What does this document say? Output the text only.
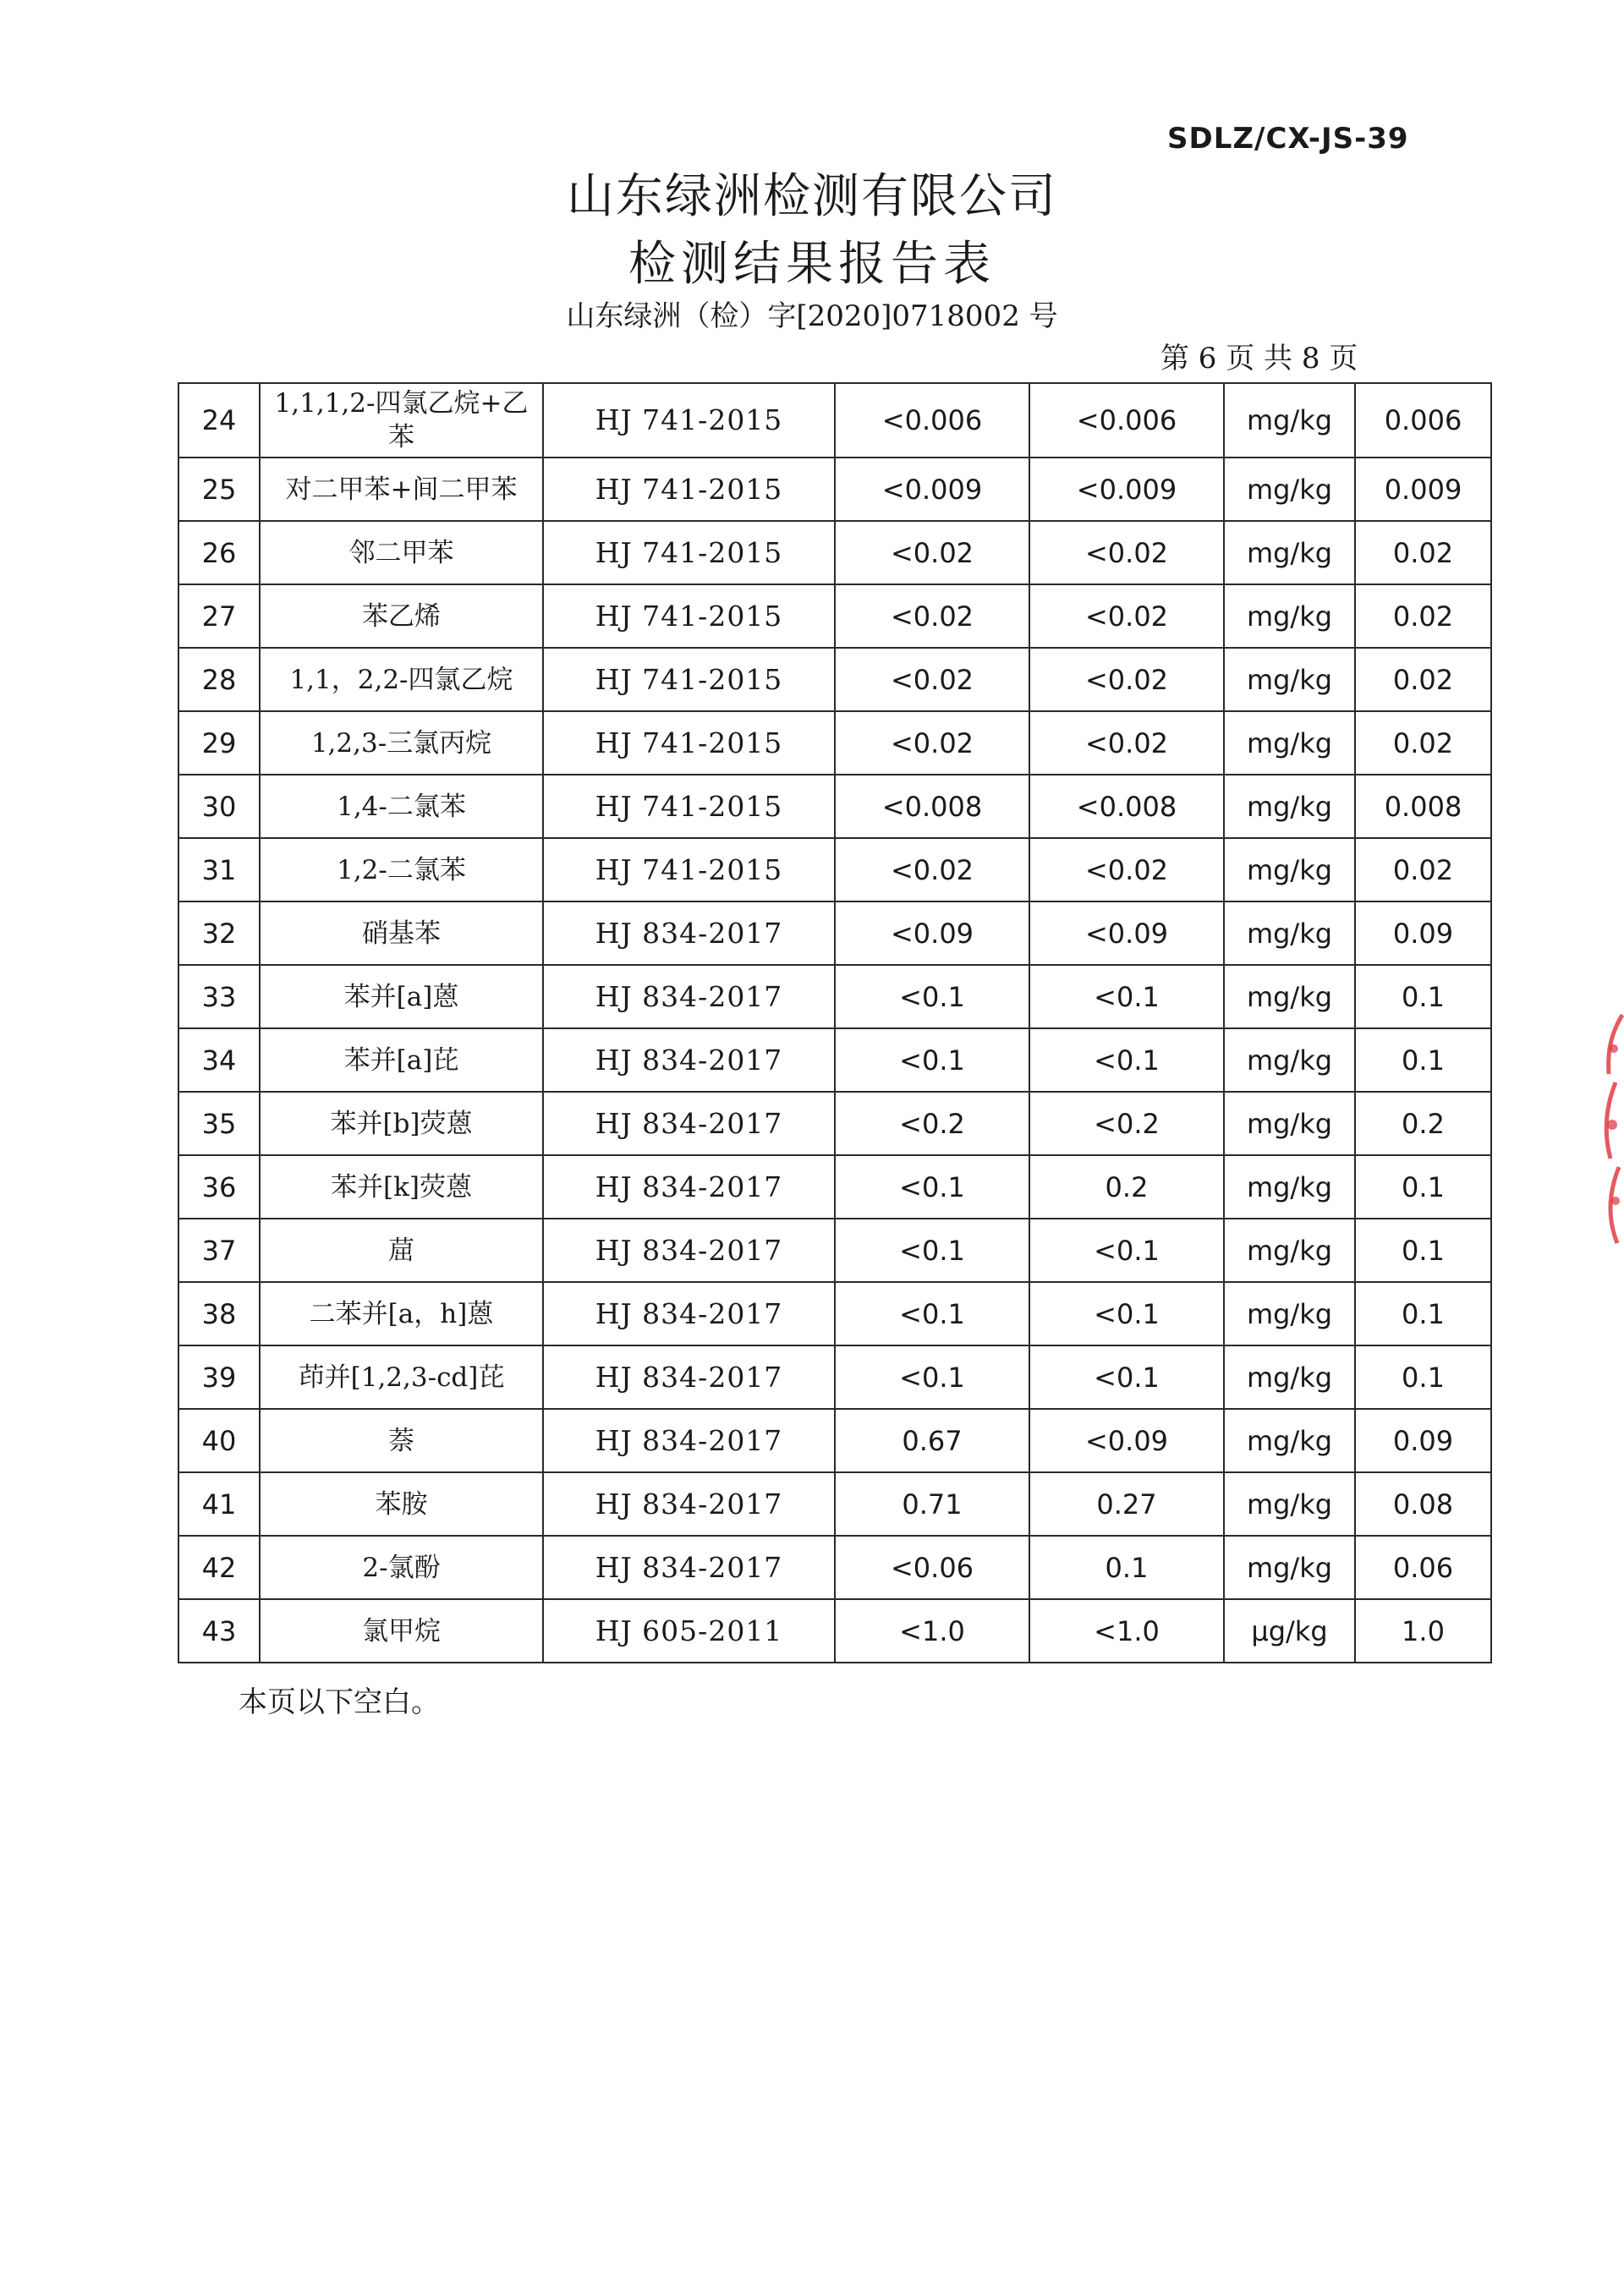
SDLZ/CX-JS-39
山东绿洲检测有限公司
检测结果报告表
山东绿洲（检）字[2020]0718002 号
第 6 页 共 8 页
24	1,1,1,2-四氯乙烷+乙苯	HJ 741-2015	<0.006	<0.006	mg/kg	0.006
25	对二甲苯+间二甲苯	HJ 741-2015	<0.009	<0.009	mg/kg	0.009
26	邻二甲苯	HJ 741-2015	<0.02	<0.02	mg/kg	0.02
27	苯乙烯	HJ 741-2015	<0.02	<0.02	mg/kg	0.02
28	1,1，2,2-四氯乙烷	HJ 741-2015	<0.02	<0.02	mg/kg	0.02
29	1,2,3-三氯丙烷	HJ 741-2015	<0.02	<0.02	mg/kg	0.02
30	1,4-二氯苯	HJ 741-2015	<0.008	<0.008	mg/kg	0.008
31	1,2-二氯苯	HJ 741-2015	<0.02	<0.02	mg/kg	0.02
32	硝基苯	HJ 834-2017	<0.09	<0.09	mg/kg	0.09
33	苯并[a]蒽	HJ 834-2017	<0.1	<0.1	mg/kg	0.1
34	苯并[a]芘	HJ 834-2017	<0.1	<0.1	mg/kg	0.1
35	苯并[b]荧蒽	HJ 834-2017	<0.2	<0.2	mg/kg	0.2
36	苯并[k]荧蒽	HJ 834-2017	<0.1	0.2	mg/kg	0.1
37	䓛	HJ 834-2017	<0.1	<0.1	mg/kg	0.1
38	二苯并[a，h]蒽	HJ 834-2017	<0.1	<0.1	mg/kg	0.1
39	茚并[1,2,3-cd]芘	HJ 834-2017	<0.1	<0.1	mg/kg	0.1
40	萘	HJ 834-2017	0.67	<0.09	mg/kg	0.09
41	苯胺	HJ 834-2017	0.71	0.27	mg/kg	0.08
42	2-氯酚	HJ 834-2017	<0.06	0.1	mg/kg	0.06
43	氯甲烷	HJ 605-2011	<1.0	<1.0	μg/kg	1.0
本页以下空白。
